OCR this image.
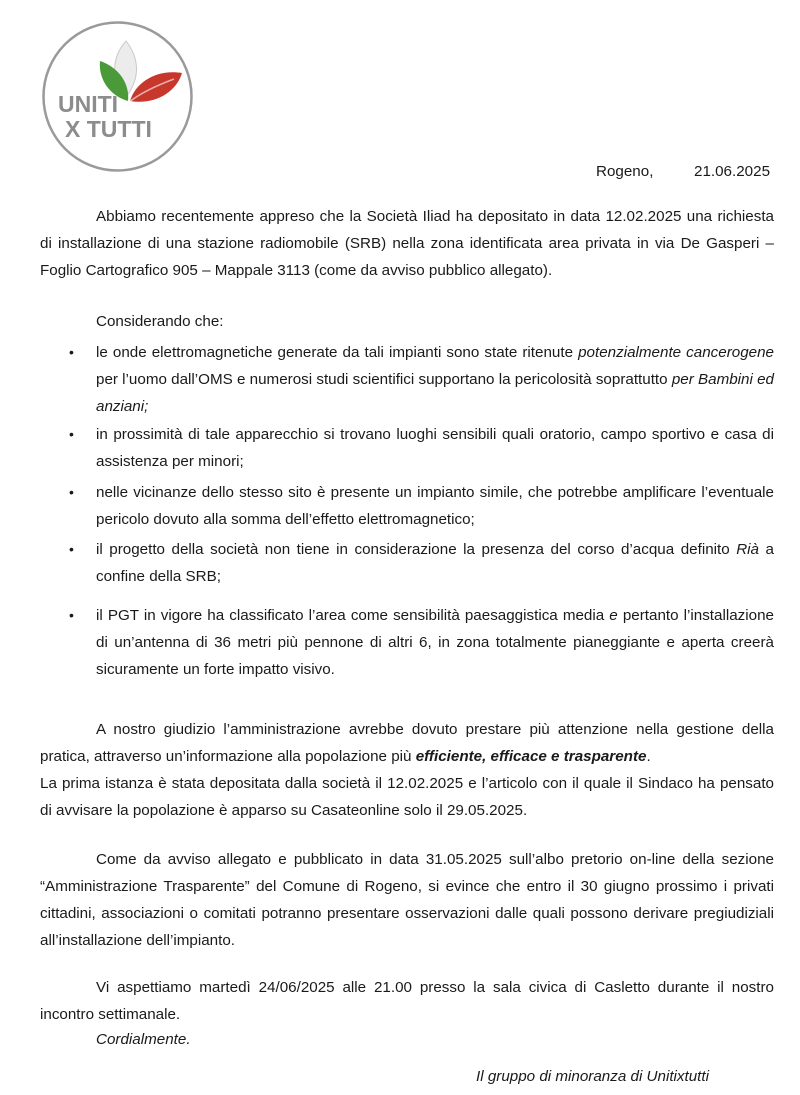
UNITI
X TUTTI
Rogeno,	21.06.2025
Abbiamo recentemente appreso che la Società Iliad ha depositato in data 12.02.2025 una richiesta di installazione di una stazione radiomobile (SRB) nella zona identificata area privata in via De Gasperi – Foglio Cartografico 905 – Mappale 3113 (come da avviso pubblico allegato).
Considerando che:
• le onde elettromagnetiche generate da tali impianti sono state ritenute potenzialmente cancerogene per l’uomo dall’OMS e numerosi studi scientifici supportano la pericolosità soprattutto per Bambini ed anziani;
• in prossimità di tale apparecchio si trovano luoghi sensibili quali oratorio, campo sportivo e casa di assistenza per minori;
• nelle vicinanze dello stesso sito è presente un impianto simile, che potrebbe amplificare l’eventuale pericolo dovuto alla somma dell’effetto elettromagnetico;
• il progetto della società non tiene in considerazione la presenza del corso d’acqua definito Rià a confine della SRB;
• il PGT in vigore ha classificato l’area come sensibilità paesaggistica media e pertanto l’installazione di un’antenna di 36 metri più pennone di altri 6, in zona totalmente pianeggiante e aperta creerà sicuramente un forte impatto visivo.
A nostro giudizio l’amministrazione avrebbe dovuto prestare più attenzione nella gestione della pratica, attraverso un’informazione alla popolazione più efficiente, efficace e trasparente.
La prima istanza è stata depositata dalla società il 12.02.2025 e l’articolo con il quale il Sindaco ha pensato di avvisare la popolazione è apparso su Casateonline solo il 29.05.2025.
Come da avviso allegato e pubblicato in data 31.05.2025 sull’albo pretorio on-line della sezione “Amministrazione Trasparente” del Comune di Rogeno, si evince che entro il 30 giugno prossimo i privati cittadini, associazioni o comitati potranno presentare osservazioni dalle quali possono derivare pregiudiziali all’installazione dell’impianto.
Vi aspettiamo martedì 24/06/2025 alle 21.00 presso la sala civica di Casletto durante il nostro incontro settimanale.
Cordialmente.
Il gruppo di minoranza di Unitixtutti
